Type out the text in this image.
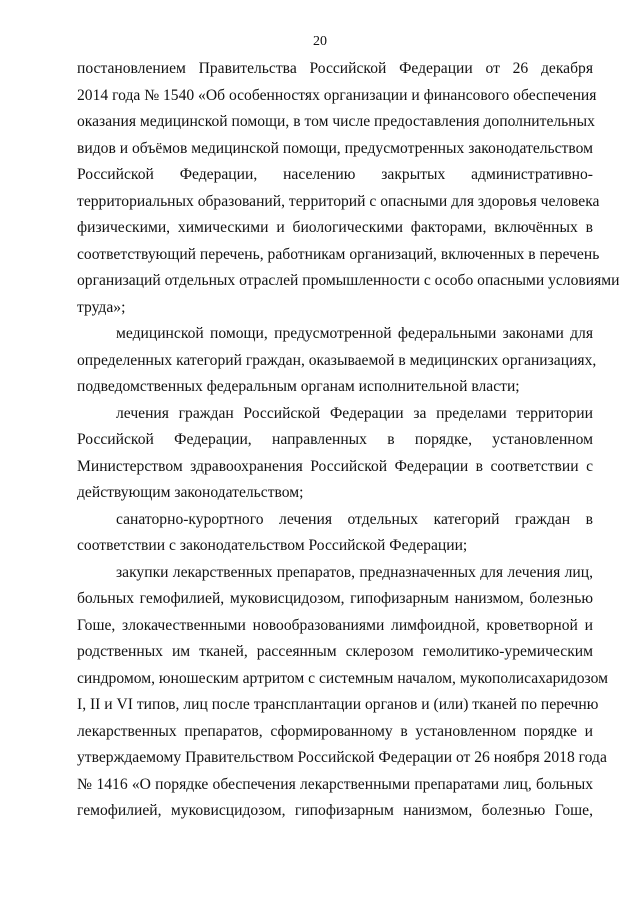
20
постановлением Правительства Российской Федерации от 26 декабря
2014 года № 1540 «Об особенностях организации и финансового обеспечения
оказания медицинской помощи, в том числе предоставления дополнительных
видов и объёмов медицинской помощи, предусмотренных законодательством
Российской Федерации, населению закрытых административно-
территориальных образований, территорий с опасными для здоровья человека
физическими, химическими и биологическими факторами, включённых в
соответствующий перечень, работникам организаций, включенных в перечень
организаций отдельных отраслей промышленности с особо опасными условиями
труда»;
медицинской помощи, предусмотренной федеральными законами для
определенных категорий граждан, оказываемой в медицинских организациях,
подведомственных федеральным органам исполнительной власти;
лечения граждан Российской Федерации за пределами территории
Российской Федерации, направленных в порядке, установленном
Министерством здравоохранения Российской Федерации в соответствии с
действующим законодательством;
санаторно-курортного лечения отдельных категорий граждан в
соответствии с законодательством Российской Федерации;
закупки лекарственных препаратов, предназначенных для лечения лиц,
больных гемофилией, муковисцидозом, гипофизарным нанизмом, болезнью
Гоше, злокачественными новообразованиями лимфоидной, кроветворной и
родственных им тканей, рассеянным склерозом гемолитико-уремическим
синдромом, юношеским артритом с системным началом, мукополисахаридозом
I, II и VI типов, лиц после трансплантации органов и (или) тканей по перечню
лекарственных препаратов, сформированному в установленном порядке и
утверждаемому Правительством Российской Федерации от 26 ноября 2018 года
№ 1416 «О порядке обеспечения лекарственными препаратами лиц, больных
гемофилией, муковисцидозом, гипофизарным нанизмом, болезнью Гоше,
